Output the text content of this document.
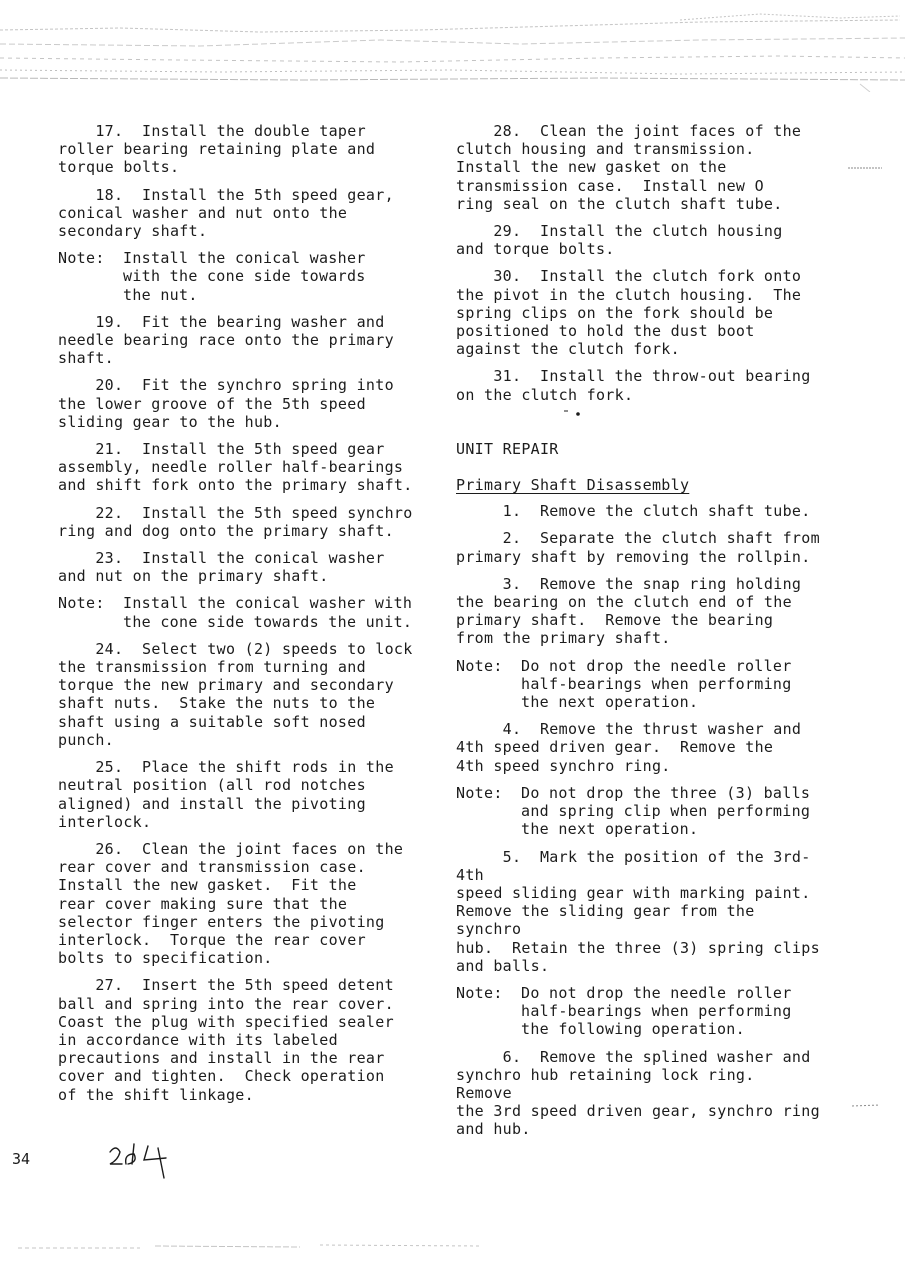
17.  Install the double taper
roller bearing retaining plate and
torque bolts.

18.  Install the 5th speed gear,
conical washer and nut onto the
secondary shaft.

Note:	Install the conical washer
with the cone side towards
the nut.

19.  Fit the bearing washer and
needle bearing race onto the primary
shaft.

20.  Fit the synchro spring into
the lower groove of the 5th speed
sliding gear to the hub.

21.  Install the 5th speed gear
assembly, needle roller half-bearings
and shift fork onto the primary shaft.

22.  Install the 5th speed synchro
ring and dog onto the primary shaft.

23.  Install the conical washer
and nut on the primary shaft.

Note:	Install the conical washer with
the cone side towards the unit.

24.  Select two (2) speeds to lock
the transmission from turning and
torque the new primary and secondary
shaft nuts.  Stake the nuts to the
shaft using a suitable soft nosed
punch.

25.  Place the shift rods in the
neutral position (all rod notches
aligned) and install the pivoting
interlock.

26.  Clean the joint faces on the
rear cover and transmission case.
Install the new gasket.  Fit the
rear cover making sure that the
selector finger enters the pivoting
interlock.  Torque the rear cover
bolts to specification.

27.  Insert the 5th speed detent
ball and spring into the rear cover.
Coast the plug with specified sealer
in accordance with its labeled
precautions and install in the rear
cover and tighten.  Check operation
of the shift linkage.

28.  Clean the joint faces of the
clutch housing and transmission.
Install the new gasket on the
transmission case.  Install new O
ring seal on the clutch shaft tube.

29.  Install the clutch housing
and torque bolts.

30.  Install the clutch fork onto
the pivot in the clutch housing.  The
spring clips on the fork should be
positioned to hold the dust boot
against the clutch fork.

31.  Install the throw-out bearing
on the clutch fork.

UNIT REPAIR

Primary Shaft Disassembly

1.  Remove the clutch shaft tube.

2.  Separate the clutch shaft from
primary shaft by removing the rollpin.

3.  Remove the snap ring holding
the bearing on the clutch end of the
primary shaft.  Remove the bearing
from the primary shaft.

Note:	Do not drop the needle roller
half-bearings when performing
the next operation.

4.  Remove the thrust washer and
4th speed driven gear.  Remove the
4th speed synchro ring.

Note:	Do not drop the three (3) balls
and spring clip when performing
the next operation.

5.  Mark the position of the 3rd-4th
speed sliding gear with marking paint.
Remove the sliding gear from the synchro
hub.  Retain the three (3) spring clips
and balls.

Note:	Do not drop the needle roller
half-bearings when performing
the following operation.

6.  Remove the splined washer and
synchro hub retaining lock ring.  Remove
the 3rd speed driven gear, synchro ring
and hub.

34
